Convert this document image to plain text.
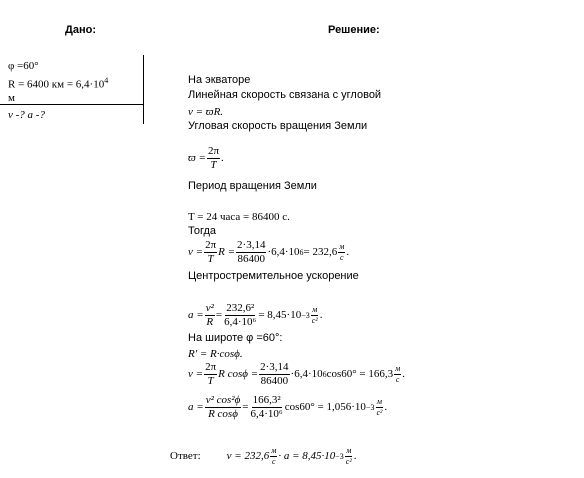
Дано:	Решение:
φ =60°
R = 6400 км = $6,4\cdot 10^4$
м
v -? a -?
На экваторе
Линейная скорость связана с угловой
v = ϖR.
Угловая скорость вращения Земли
$ϖ = \frac{2\pi}{T}$ .
Период вращения Земли
T = 24 часа = 86400 с.
Тогда
$v = \frac{2\pi}{T}$ $R = \frac{2\cdot 3,14}{86400} \cdot 6,4\cdot 10$ $6 = 232,6 \frac{м}{с}$ .
Центростремительное ускорение
$a = \frac{\text{v²}}{R} = \frac{\text{232,6²}}{\text{6,4·10⁶}} = 8,45\cdot 10 -3 \frac{м}{\text{с²}}$ .
На широте φ =60°:
R' = R·cosϕ.
$v = \frac{2\pi}{T}$ R $\cos\phi = \frac{2\cdot 3,14}{86400} \cdot 6,4\cdot 10$ 6 $\cos 60^\circ = 166,3 \frac{м}{с}$ .
$a = \frac{\text{v² cos²ϕ}}{\text{R cosϕ}} = \frac{\text{166,3²}}{\text{6,4·10⁶}} \cos 60^\circ = 1,056\cdot 10 -3 \frac{м}{\text{с²}}$ .
Ответ: $v = 232,6 \frac{м}{с} \cdot a = 8,45\cdot 10 -3 \frac{м}{\text{с²}}$ .
